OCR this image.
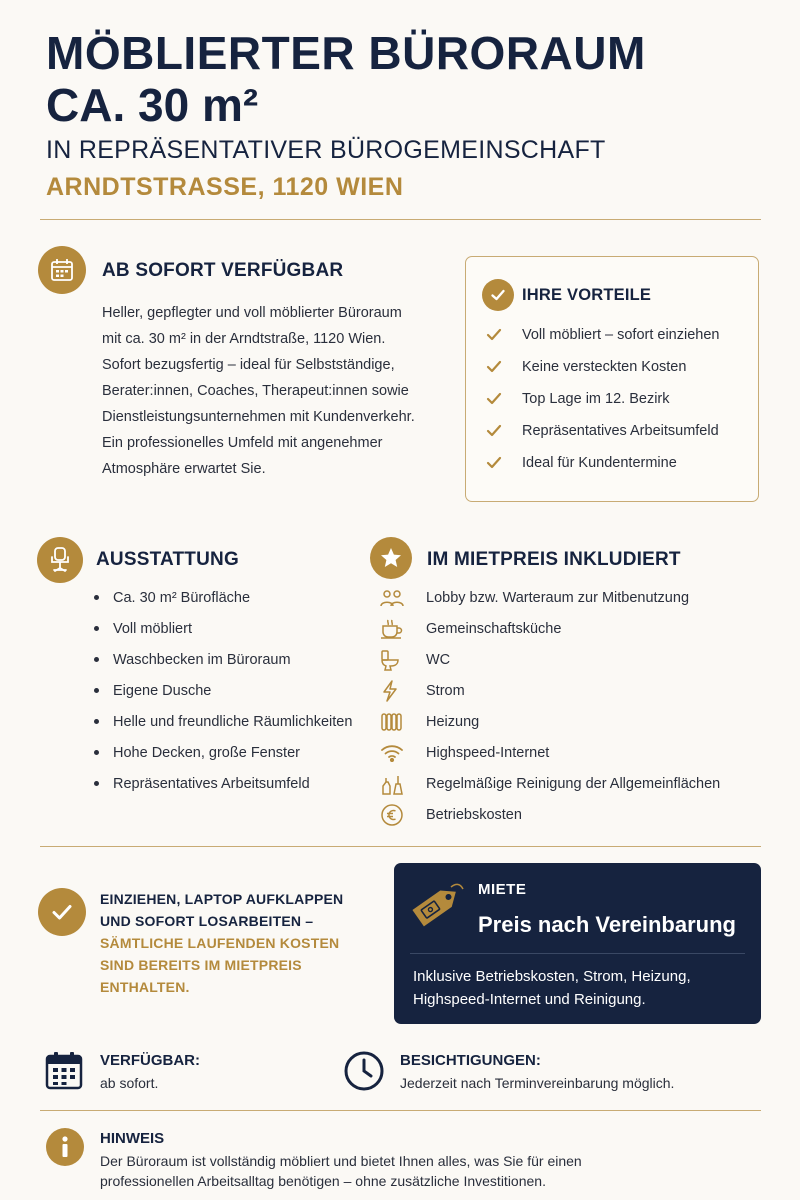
MÖBLIERTER BÜRORAUM
CA. 30 m²
IN REPRÄSENTATIVER BÜROGEMEINSCHAFT
ARNDTSTRASSE, 1120 WIEN
AB SOFORT VERFÜGBAR
Heller, gepflegter und voll möblierter Büroraum
mit ca. 30 m² in der Arndtstraße, 1120 Wien.
Sofort bezugsfertig – ideal für Selbstständige,
Berater:innen, Coaches, Therapeut:innen sowie
Dienstleistungsunternehmen mit Kundenverkehr.
Ein professionelles Umfeld mit angenehmer
Atmosphäre erwartet Sie.
IHRE VORTEILE
Voll möbliert – sofort einziehen
Keine versteckten Kosten
Top Lage im 12. Bezirk
Repräsentatives Arbeitsumfeld
Ideal für Kundentermine
AUSSTATTUNG
Ca. 30 m² Bürofläche
Voll möbliert
Waschbecken im Büroraum
Eigene Dusche
Helle und freundliche Räumlichkeiten
Hohe Decken, große Fenster
Repräsentatives Arbeitsumfeld
IM MIETPREIS INKLUDIERT
Lobby bzw. Warteraum zur Mitbenutzung
Gemeinschaftsküche
WC
Strom
Heizung
Highspeed-Internet
Regelmäßige Reinigung der Allgemeinflächen
Betriebskosten
EINZIEHEN, LAPTOP AUFKLAPPEN
UND SOFORT LOSARBEITEN –
SÄMTLICHE LAUFENDEN KOSTEN
SIND BEREITS IM MIETPREIS ENTHALTEN.
MIETE
Preis nach Vereinbarung
Inklusive Betriebskosten, Strom, Heizung,
Highspeed-Internet und Reinigung.
VERFÜGBAR:
ab sofort.
BESICHTIGUNGEN:
Jederzeit nach Terminvereinbarung möglich.
HINWEIS
Der Büroraum ist vollständig möbliert und bietet Ihnen alles, was Sie für einen
professionellen Arbeitsalltag benötigen – ohne zusätzliche Investitionen.
